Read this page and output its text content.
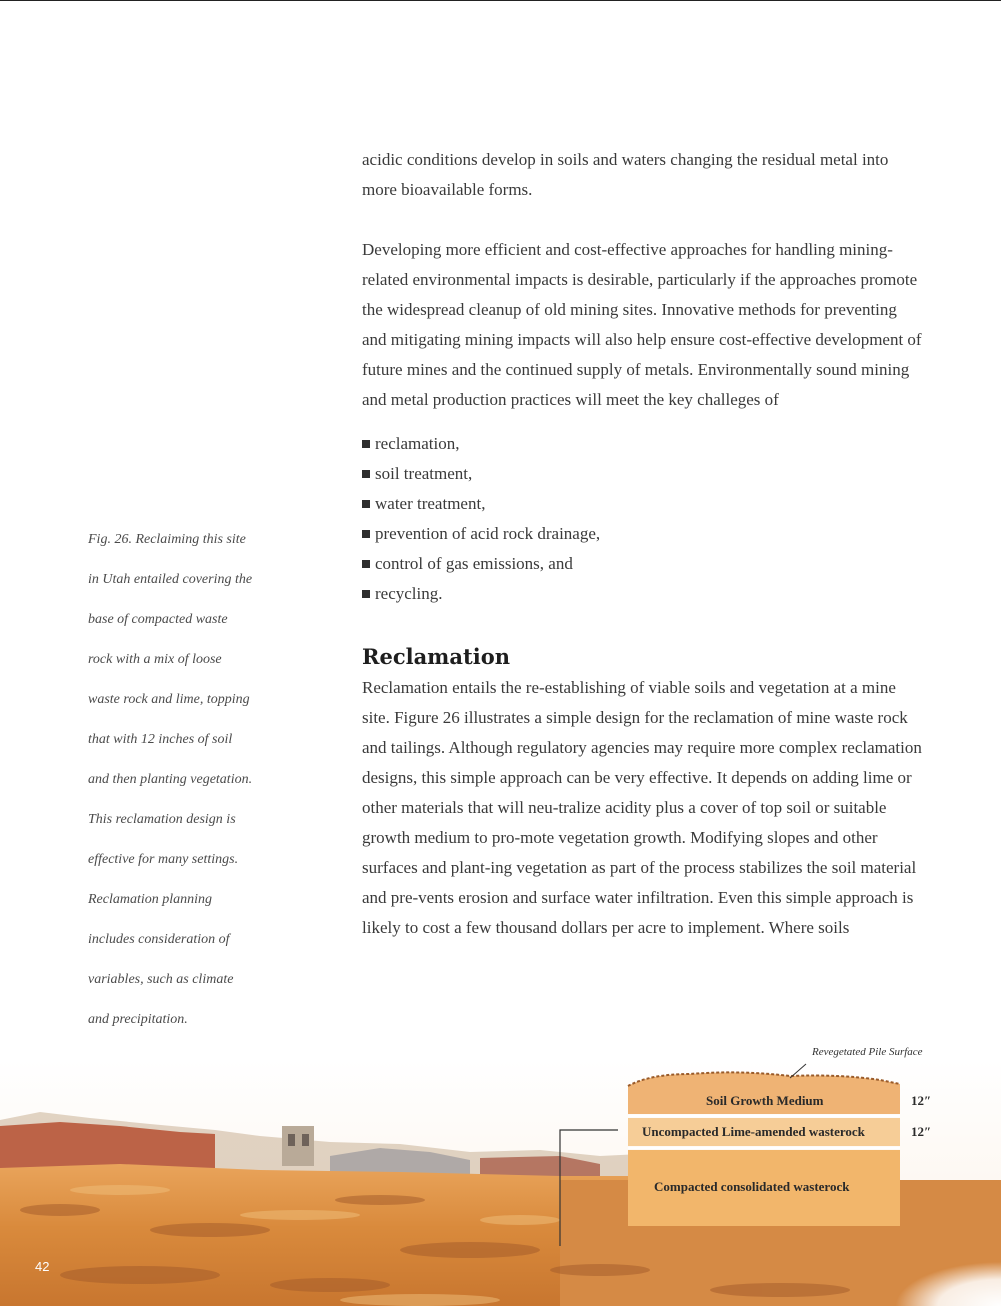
acidic conditions develop in soils and waters changing the residual metal into more bioavailable forms.

Developing more efficient and cost-effective approaches for handling mining-related environmental impacts is desirable, particularly if the approaches promote the widespread cleanup of old mining sites. Innovative methods for preventing and mitigating mining impacts will also help ensure cost-effective development of future mines and the continued supply of metals. Environmentally sound mining and metal production practices will meet the key challeges of

reclamation,
soil treatment,
water treatment,
prevention of acid rock drainage,
control of gas emissions, and
recycling.
Reclamation

Reclamation entails the re-establishing of viable soils and vegetation at a mine site. Figure 26 illustrates a simple design for the reclamation of mine waste rock and tailings. Although regulatory agencies may require more complex reclamation designs, this simple approach can be very effective. It depends on adding lime or other materials that will neu-tralize acidity plus a cover of top soil or suitable growth medium to pro-mote vegetation growth. Modifying slopes and other surfaces and plant-ing vegetation as part of the process stabilizes the soil material and pre-vents erosion and surface water infiltration. Even this simple approach is likely to cost a few thousand dollars per acre to implement. Where soils

Fig. 26. Reclaiming this site
in Utah entailed covering the
base of compacted waste
rock with a mix of loose
waste rock and lime, topping
that with 12 inches of soil
and then planting vegetation.
This reclamation design is
effective for many settings.
Reclamation planning
includes consideration of
variables, such as climate
and precipitation.
Revegetated Pile Surface
Soil Growth Medium
Uncompacted Lime-amended wasterock
Compacted consolidated wasterock
12″
12″
42
